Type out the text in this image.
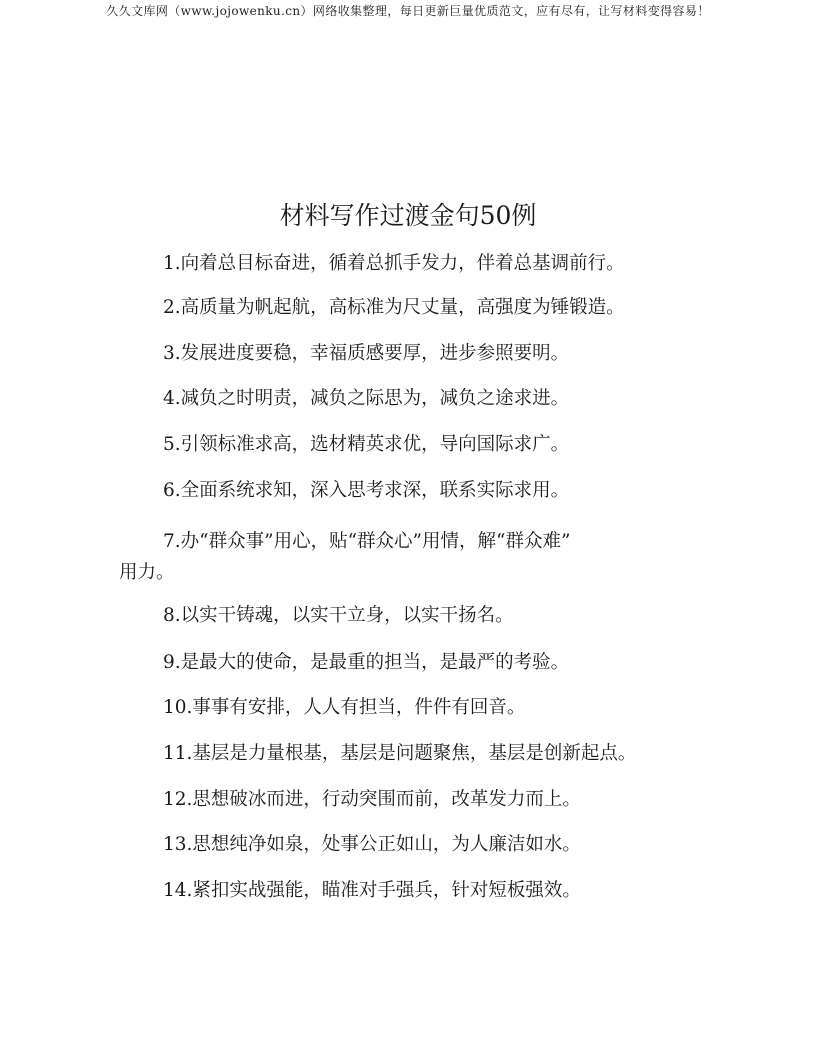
久久文库网（www.jojowenku.cn）网络收集整理，每日更新巨量优质范文，应有尽有，让写材料变得容易！
材料写作过渡金句50例
1.向着总目标奋进，循着总抓手发力，伴着总基调前行。
2.高质量为帆起航，高标准为尺丈量，高强度为锤锻造。
3.发展进度要稳，幸福质感要厚，进步参照要明。
4.减负之时明责，减负之际思为，减负之途求进。
5.引领标准求高，选材精英求优，导向国际求广。
6.全面系统求知，深入思考求深，联系实际求用。
7.办“群众事”用心，贴“群众心”用情，解“群众难”
用力。
8.以实干铸魂，以实干立身，以实干扬名。
9.是最大的使命，是最重的担当，是最严的考验。
10.事事有安排，人人有担当，件件有回音。
11.基层是力量根基，基层是问题聚焦，基层是创新起点。
12.思想破冰而进，行动突围而前，改革发力而上。
13.思想纯净如泉，处事公正如山，为人廉洁如水。
14.紧扣实战强能，瞄准对手强兵，针对短板强效。
